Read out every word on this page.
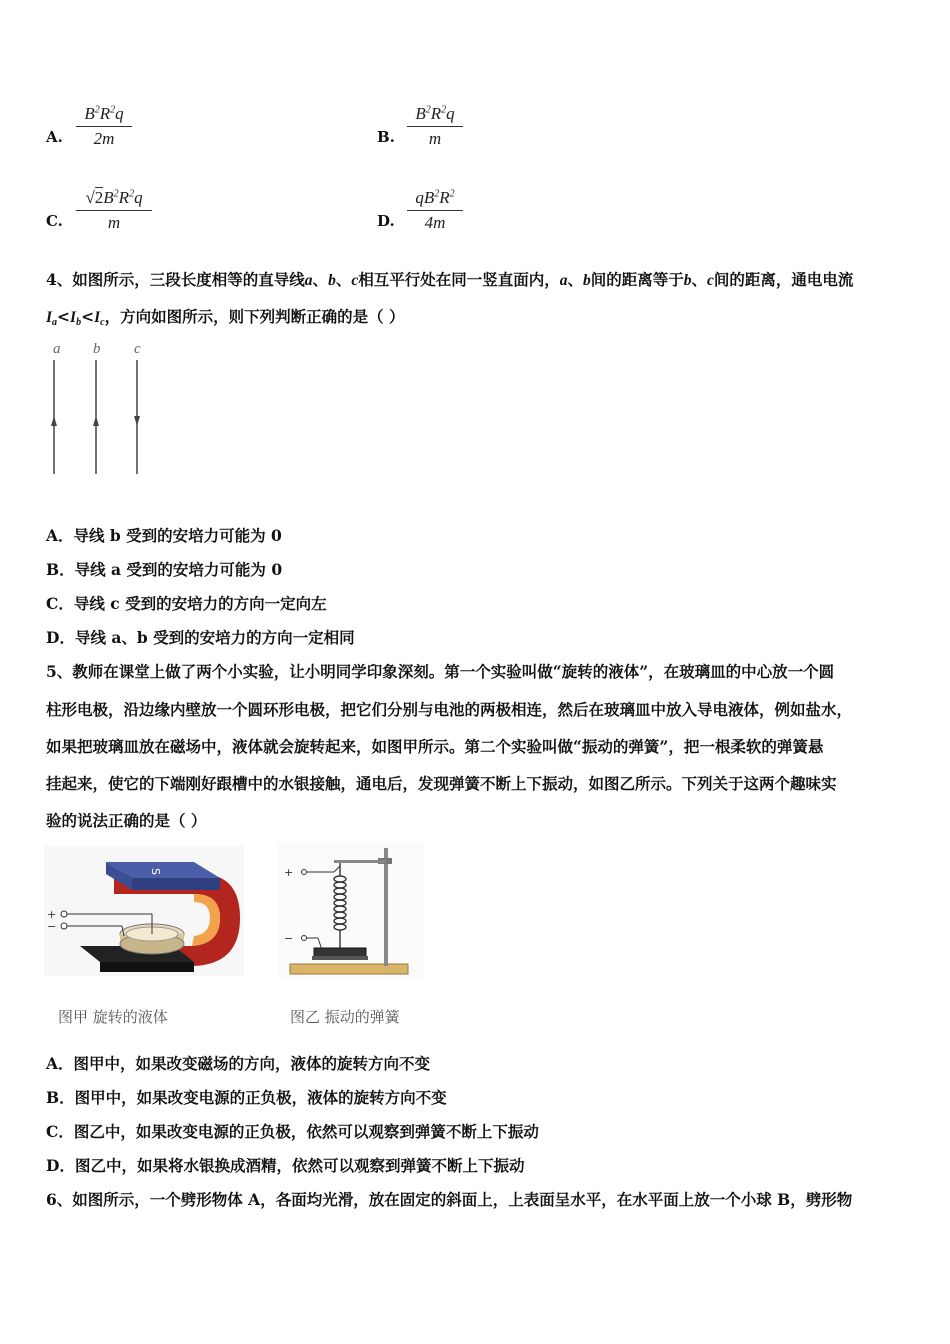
A. $\frac{B^2R^2q}{2m}$	B. $\frac{B^2R^2q}{m}$
C. $\frac{√2B^2R^2q}{m}$	D. $\frac{qB^2R^2}{4m}$
4、如图所示，三段长度相等的直导线a、b、c相互平行处在同一竖直面内，a、b间的距离等于b、c间的距离，通电电流
$I_a<I_b<I_c$，方向如图所示，则下列判断正确的是（ ）
a b c
A．导线 b 受到的安培力可能为 0
B．导线 a 受到的安培力可能为 0
C．导线 c 受到的安培力的方向一定向左
D．导线 a、b 受到的安培力的方向一定相同
5、教师在课堂上做了两个小实验，让小明同学印象深刻。第一个实验叫做“旋转的液体”，在玻璃皿的中心放一个圆
柱形电极，沿边缘内壁放一个圆环形电极，把它们分别与电池的两极相连，然后在玻璃皿中放入导电液体，例如盐水，
如果把玻璃皿放在磁场中，液体就会旋转起来，如图甲所示。第二个实验叫做“振动的弹簧”，把一根柔软的弹簧悬
挂起来，使它的下端刚好跟槽中的水银接触，通电后，发现弹簧不断上下振动，如图乙所示。下列关于这两个趣味实
验的说法正确的是（ ）
S
+
−
+
−
图甲 旋转的液体	图乙 振动的弹簧
A．图甲中，如果改变磁场的方向，液体的旋转方向不变
B．图甲中，如果改变电源的正负极，液体的旋转方向不变
C．图乙中，如果改变电源的正负极，依然可以观察到弹簧不断上下振动
D．图乙中，如果将水银换成酒精，依然可以观察到弹簧不断上下振动
6、如图所示，一个劈形物体 A，各面均光滑，放在固定的斜面上，上表面呈水平，在水平面上放一个小球 B，劈形物
